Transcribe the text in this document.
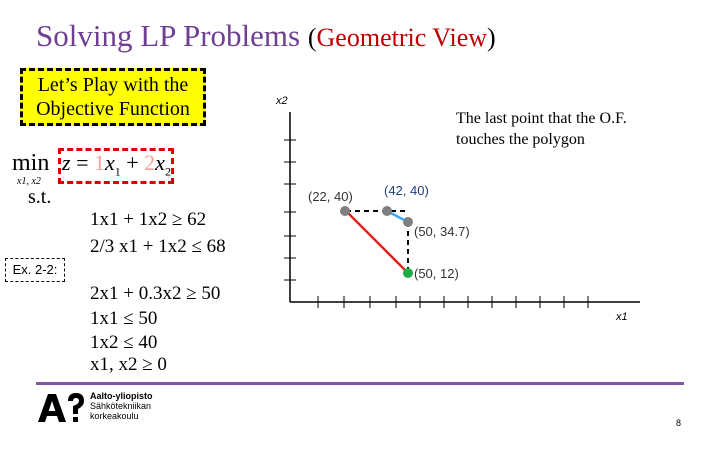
Solving LP Problems (Geometric View)
Let’s Play with the
Objective Function
min
x1, x2
$z = 1x_1 + 2x_2$
s.t.
Ex. 2-2:
1x1 + 1x2 ≥ 62
2/3 x1 + 1x2 ≤ 68
2x1 + 0.3x2 ≥ 50
1x1 ≤ 50
1x2 ≤ 40
x1, x2 ≥ 0
The last point that the O.F. touches the polygon
x2
x1
(22, 40) (42, 40)
(50, 34.7)
(50, 12)
Aalto-yliopisto
Sähkötekniikan
korkeakoulu
8
